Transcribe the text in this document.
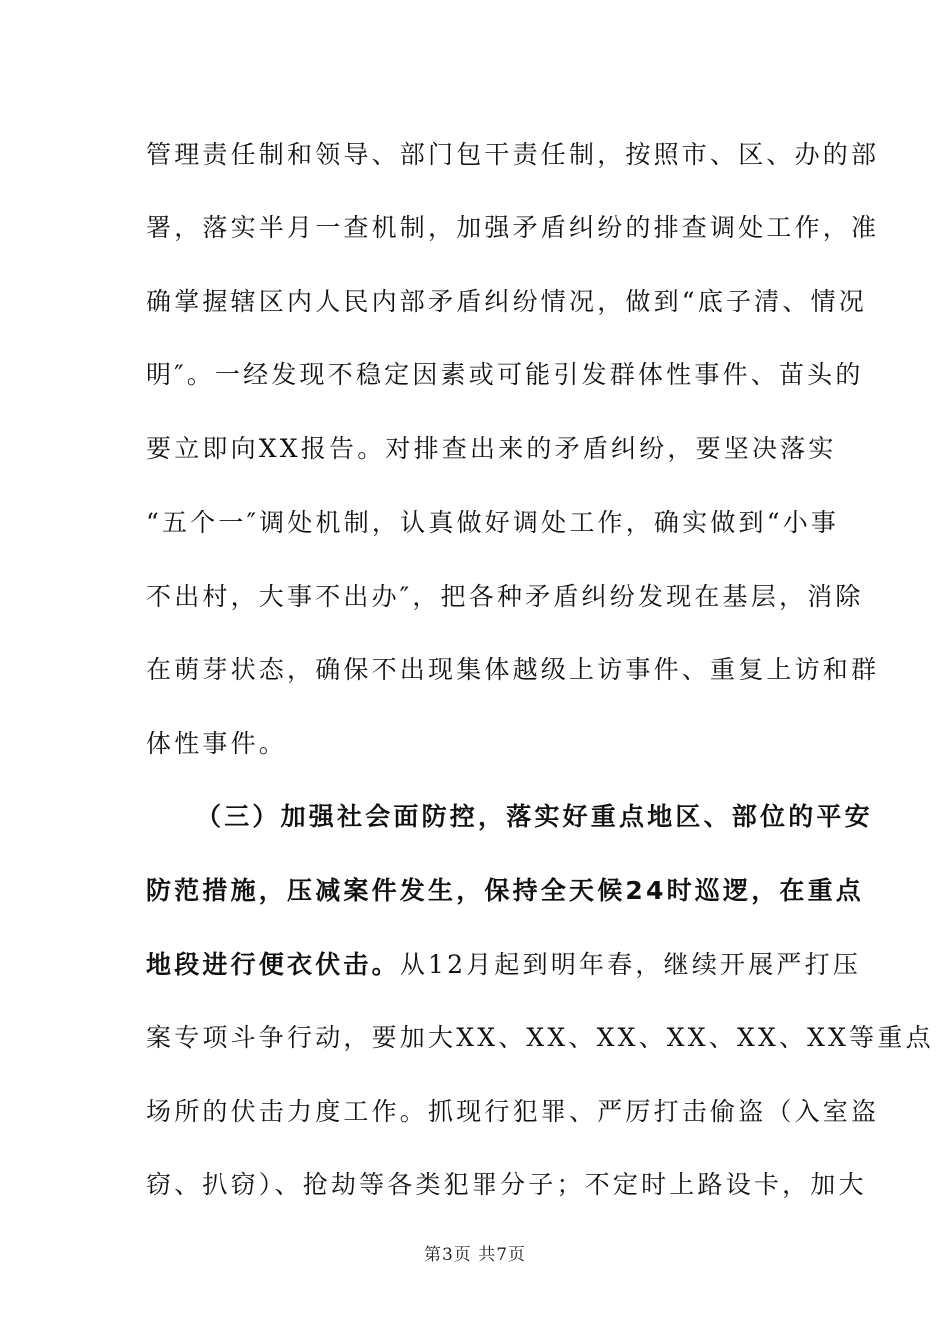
管理责任制和领导、部门包干责任制，按照市、区、办的部
署，落实半月一查机制，加强矛盾纠纷的排查调处工作，准
确掌握辖区内人民内部矛盾纠纷情况，做到“底子清、情况
明″。一经发现不稳定因素或可能引发群体性事件、苗头的
要立即向XX报告。对排查出来的矛盾纠纷，要坚决落实
“五个一″调处机制，认真做好调处工作，确实做到“小事
不出村，大事不出办″，把各种矛盾纠纷发现在基层，消除
在萌芽状态，确保不出现集体越级上访事件、重复上访和群
体性事件。
（三）加强社会面防控，落实好重点地区、部位的平安
防范措施，压减案件发生，保持全天候24时巡逻，在重点
地段进行便衣伏击。从12月起到明年春，继续开展严打压
案专项斗争行动，要加大XX、XX、XX、XX、XX、XX等重点
场所的伏击力度工作。抓现行犯罪、严厉打击偷盗（入室盗
窃、扒窃）、抢劫等各类犯罪分子；不定时上路设卡，加大
第3页 共7页
